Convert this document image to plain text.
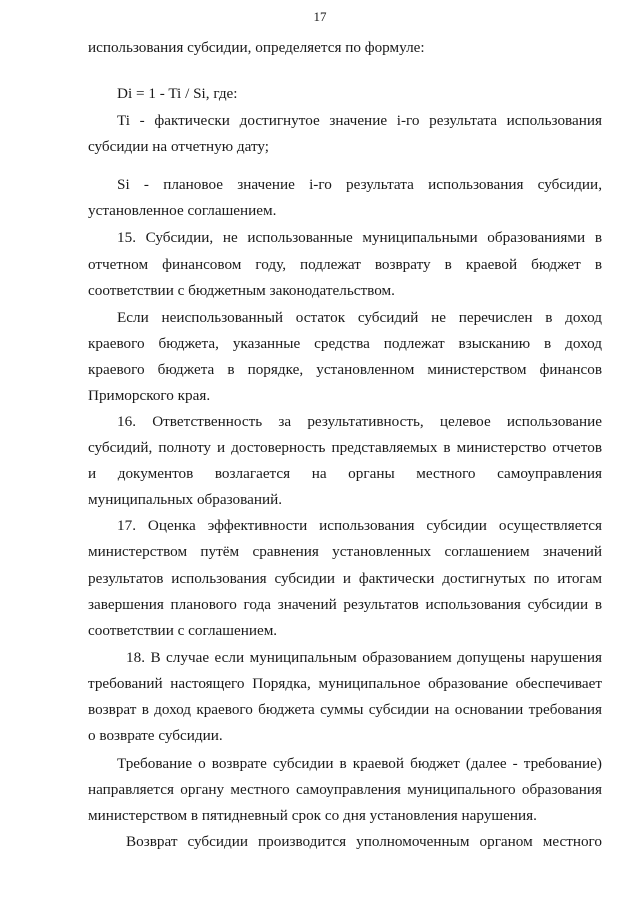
17
использования субсидии, определяется по формуле:
Di = 1 - Ti / Si, где:
Ti - фактически достигнутое значение i-го результата использования
субсидии на отчетную дату;
Si - плановое значение i-го результата использования субсидии,
установленное соглашением.
15. Субсидии, не использованные муниципальными образованиями в
отчетном финансовом году, подлежат возврату в краевой бюджет в
соответствии с бюджетным законодательством.
Если неиспользованный остаток субсидий не перечислен в доход
краевого бюджета, указанные средства подлежат взысканию в доход
краевого бюджета в порядке, установленном министерством финансов
Приморского края.
16. Ответственность за результативность, целевое использование
субсидий, полноту и достоверность представляемых в министерство отчетов
и документов возлагается на органы местного самоуправления
муниципальных образований.
17. Оценка эффективности использования субсидии осуществляется
министерством путём сравнения установленных соглашением значений
результатов использования субсидии и фактически достигнутых по итогам
завершения планового года значений результатов использования субсидии в
соответствии с соглашением.
18. В случае если муниципальным образованием допущены нарушения
требований настоящего Порядка, муниципальное образование обеспечивает
возврат в доход краевого бюджета суммы субсидии на основании требования
о возврате субсидии.
Требование о возврате субсидии в краевой бюджет (далее - требование)
направляется органу местного самоуправления муниципального образования
министерством в пятидневный срок со дня установления нарушения.
Возврат субсидии производится уполномоченным органом местного
